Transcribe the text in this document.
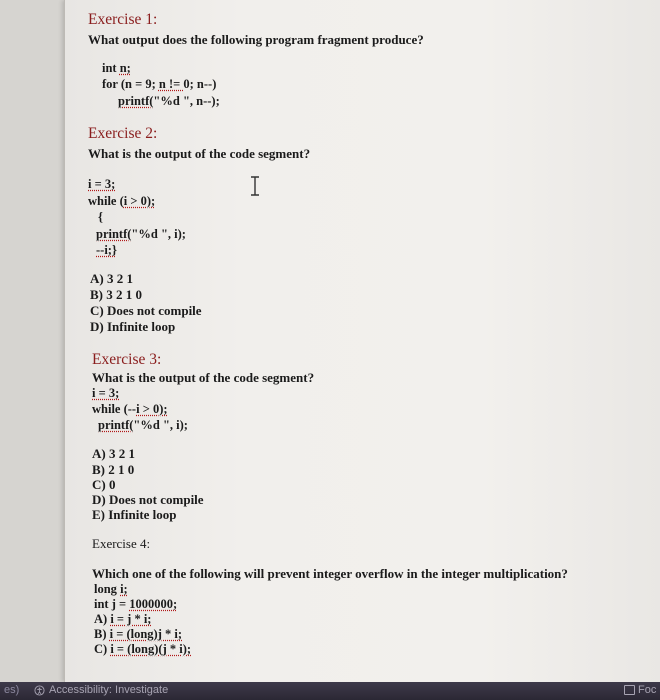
Exercise 1:
What output does the following program fragment produce?
int n;
for (n = 9; n != 0; n--)
printf("%d ", n--);
Exercise 2:
What is the output of the code segment?
i = 3;
while (i > 0);
{
printf("%d ", i);
--i;}
A) 3 2 1
B) 3 2 1 0
C) Does not compile
D) Infinite loop
Exercise 3:
What is the output of the code segment?
i = 3;
while (--i > 0);
printf("%d ", i);
A) 3 2 1
B) 2 1 0
C) 0
D) Does not compile
E) Infinite loop
Exercise 4:
Which one of the following will prevent integer overflow in the integer multiplication?
long i;
int j = 1000000;
A) i = j * i;
B) i = (long)j * i;
C) i = (long)(j * i);
es)	Accessibility: Investigate	Foc
